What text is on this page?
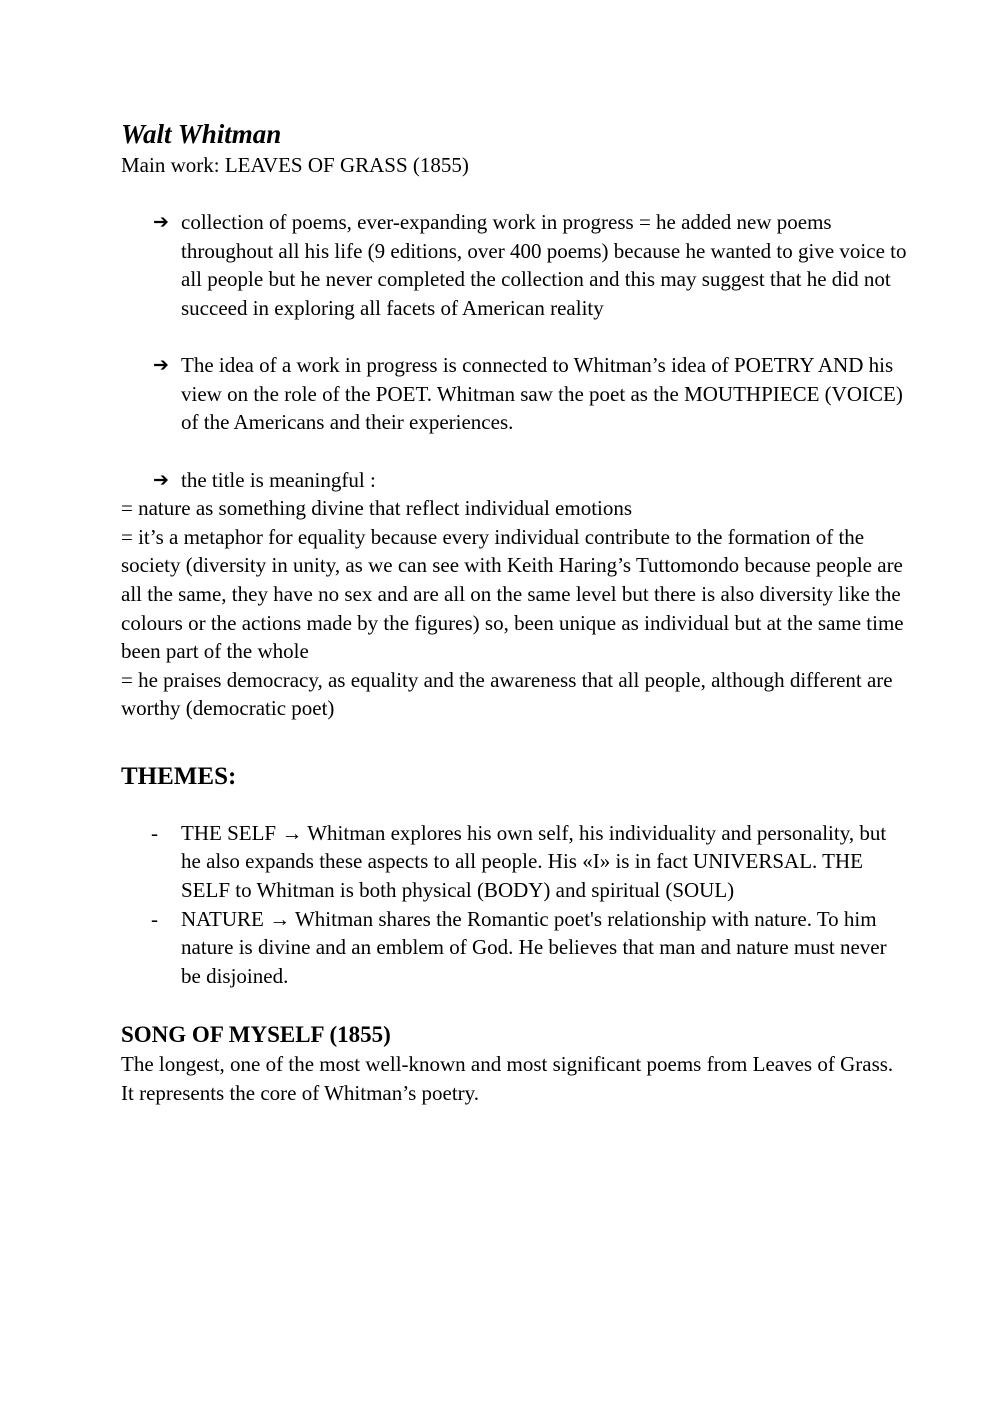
Walt Whitman

Main work: LEAVES OF GRASS (1855)

➔ collection of poems, ever-expanding work in progress = he added new poems throughout all his life (9 editions, over 400 poems) because he wanted to give voice to all people but he never completed the collection and this may suggest that he did not succeed in exploring all facets of American reality
➔ The idea of a work in progress is connected to Whitman’s idea of POETRY AND his view on the role of the POET. Whitman saw the poet as the MOUTHPIECE (VOICE) of the Americans and their experiences.
➔ the title is meaningful :

= nature as something divine that reflect individual emotions

= it’s a metaphor for equality because every individual contribute to the formation of the society (diversity in unity, as we can see with Keith Haring’s Tuttomondo because people are all the same, they have no sex and are all on the same level but there is also diversity like the colours or the actions made by the figures) so, been unique as individual but at the same time been part of the whole

= he praises democracy, as equality and the awareness that all people, although different are worthy (democratic poet)

THEMES:

- THE SELF → Whitman explores his own self, his individuality and personality, but he also expands these aspects to all people. His «I» is in fact UNIVERSAL. THE SELF to Whitman is both physical (BODY) and spiritual (SOUL)
- NATURE → Whitman shares the Romantic poet's relationship with nature. To him nature is divine and an emblem of God. He believes that man and nature must never be disjoined.

SONG OF MYSELF (1855)

The longest, one of the most well-known and most significant poems from Leaves of Grass. It represents the core of Whitman’s poetry.
